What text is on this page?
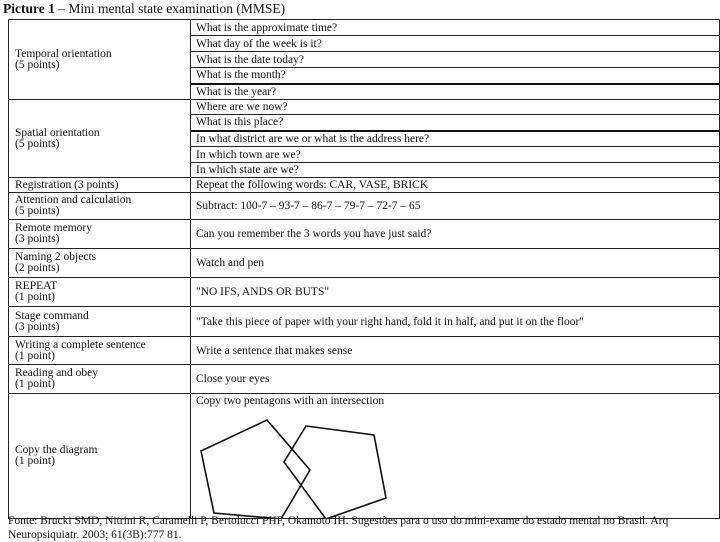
Picture 1 – Mini mental state examination (MMSE)
Temporal orientation
(5 points)	What is the approximate time?
	What day of the week is it?
	What is the date today?
	What is the month?
	What is the year?

Spatial orientation
(5 points)	Where are we now?
	What is this place?
	In what district are we or what is the address here?
	In which town are we?
	In which state are we?

Registration (3 points)	Repeat the following words: CAR, VASE, BRICK

Attention and calculation
(5 points)	Subtract: 100-7 – 93-7 – 86-7 – 79-7 – 72-7 – 65

Remote memory
(3 points)	Can you remember the 3 words you have just said?

Naming 2 objects
(2 points)	Watch and pen

REPEAT
(1 point)	"NO IFS, ANDS OR BUTS"

Stage command
(3 points)	"Take this piece of paper with your right hand, fold it in half, and put it on the floor"

Writing a complete sentence
(1 point)	Write a sentence that makes sense

Reading and obey
(1 point)	Close your eyes

Copy the diagram
(1 point)	Copy two pentagons with an intersection
Fonte: Brucki SMD, Nitrini R, Caramelli P, Bertolucci PHF, Okamoto IH. Sugestões para o uso do mini-exame do estado mental no Brasil. Arq Neuropsiquiatr. 2003; 61(3B):777 81.
